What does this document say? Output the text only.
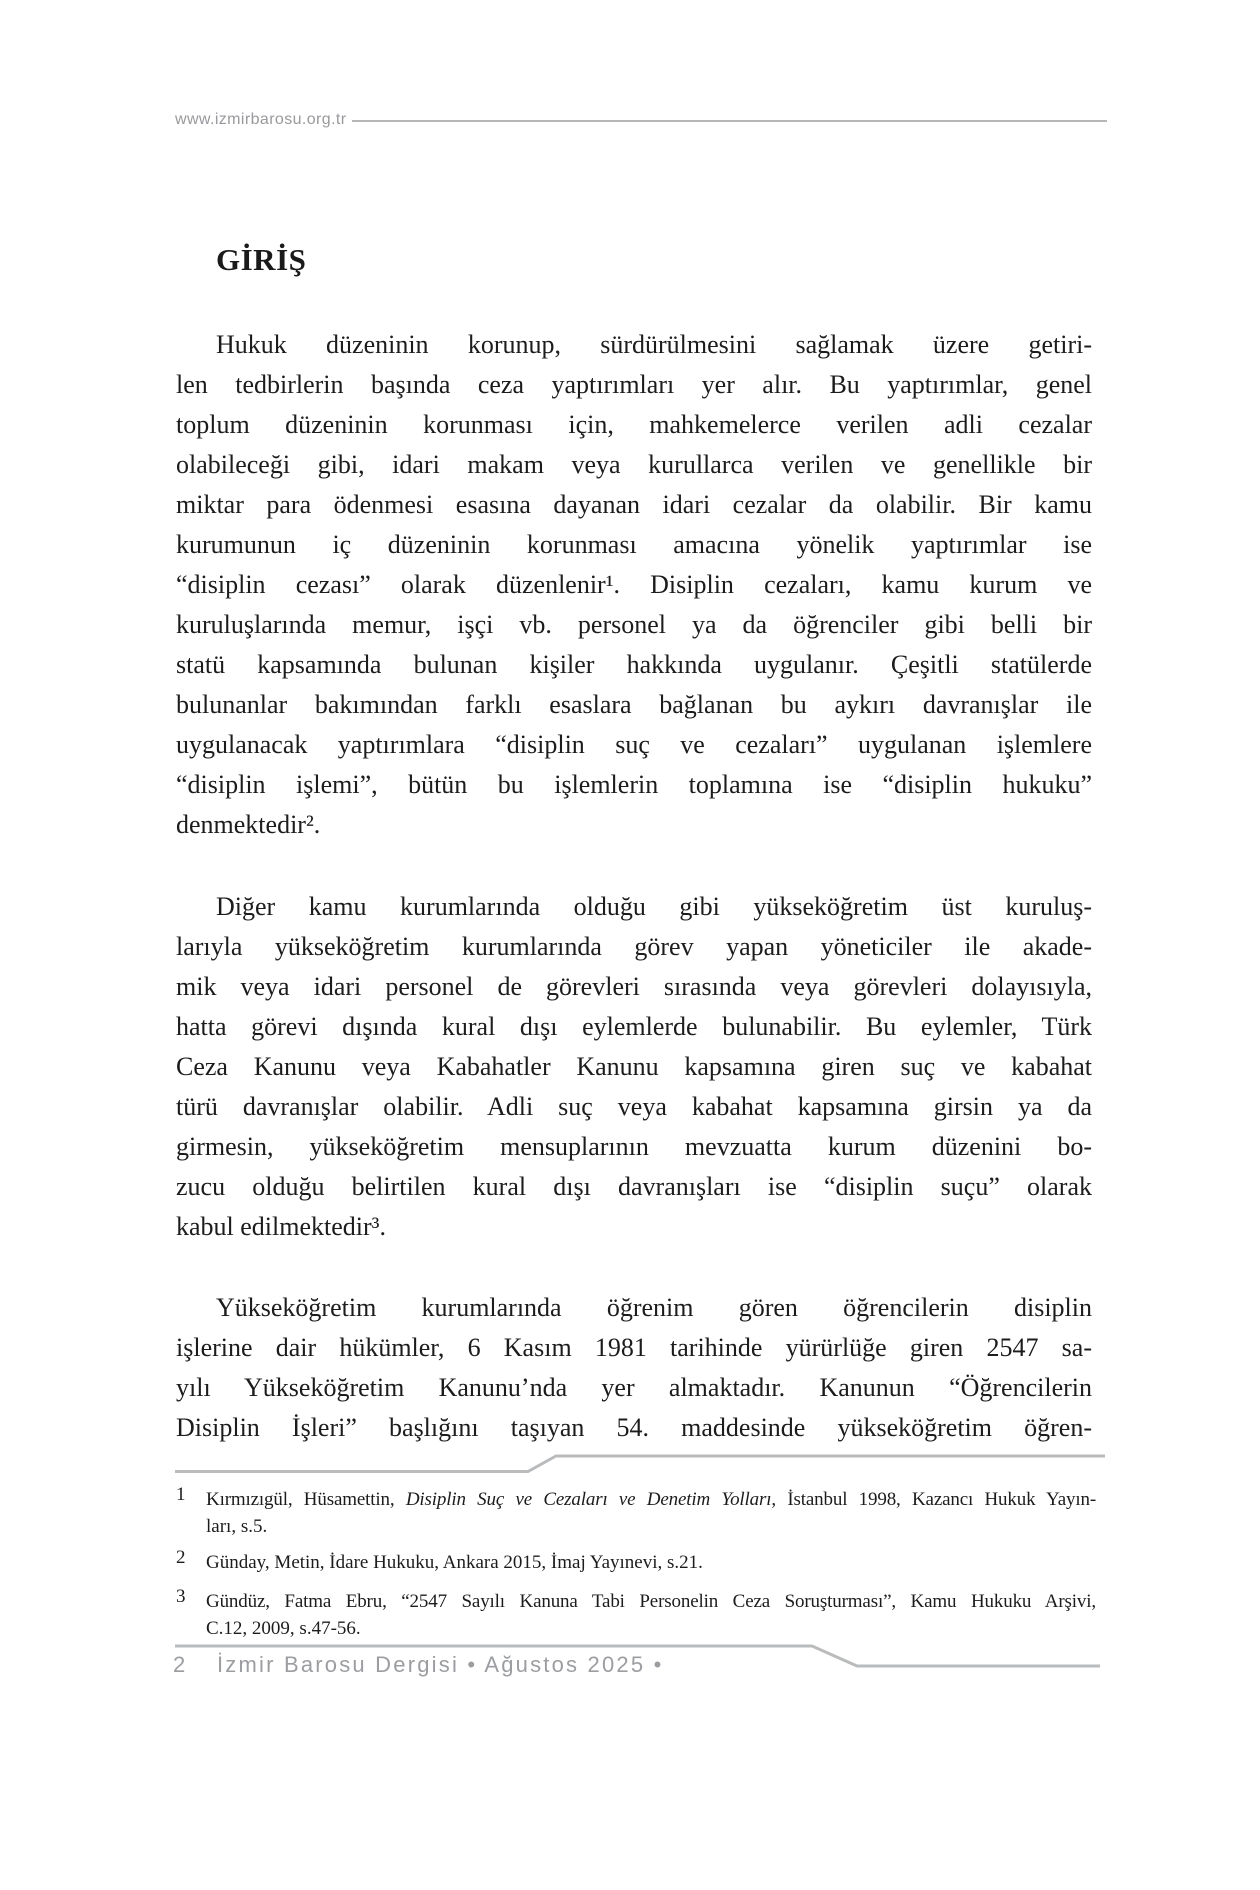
www.izmirbarosu.org.tr
GİRİŞ
Hukuk düzeninin korunup, sürdürülmesini sağlamak üzere getiri-
len tedbirlerin başında ceza yaptırımları yer alır. Bu yaptırımlar, genel
toplum düzeninin korunması için, mahkemelerce verilen adli cezalar
olabileceği gibi, idari makam veya kurullarca verilen ve genellikle bir
miktar para ödenmesi esasına dayanan idari cezalar da olabilir. Bir kamu
kurumunun iç düzeninin korunması amacına yönelik yaptırımlar ise
“disiplin cezası” olarak düzenlenir¹. Disiplin cezaları, kamu kurum ve
kuruluşlarında memur, işçi vb. personel ya da öğrenciler gibi belli bir
statü kapsamında bulunan kişiler hakkında uygulanır. Çeşitli statülerde
bulunanlar bakımından farklı esaslara bağlanan bu aykırı davranışlar ile
uygulanacak yaptırımlara “disiplin suç ve cezaları” uygulanan işlemlere
“disiplin işlemi”, bütün bu işlemlerin toplamına ise “disiplin hukuku”
denmektedir².
Diğer kamu kurumlarında olduğu gibi yükseköğretim üst kuruluş-
larıyla yükseköğretim kurumlarında görev yapan yöneticiler ile akade-
mik veya idari personel de görevleri sırasında veya görevleri dolayısıyla,
hatta görevi dışında kural dışı eylemlerde bulunabilir. Bu eylemler, Türk
Ceza Kanunu veya Kabahatler Kanunu kapsamına giren suç ve kabahat
türü davranışlar olabilir. Adli suç veya kabahat kapsamına girsin ya da
girmesin, yükseköğretim mensuplarının mevzuatta kurum düzenini bo-
zucu olduğu belirtilen kural dışı davranışları ise “disiplin suçu” olarak
kabul edilmektedir³.
Yükseköğretim kurumlarında öğrenim gören öğrencilerin disiplin
işlerine dair hükümler, 6 Kasım 1981 tarihinde yürürlüğe giren 2547 sa-
yılı Yükseköğretim Kanunu’nda yer almaktadır. Kanunun “Öğrencilerin
Disiplin İşleri” başlığını taşıyan 54. maddesinde yükseköğretim öğren-
1 Kırmızıgül, Hüsamettin, Disiplin Suç ve Cezaları ve Denetim Yolları, İstanbul 1998, Kazancı Hukuk Yayın-
ları, s.5.
2 Günday, Metin, İdare Hukuku, Ankara 2015, İmaj Yayınevi, s.21.
3 Gündüz, Fatma Ebru, “2547 Sayılı Kanuna Tabi Personelin Ceza Soruşturması”, Kamu Hukuku Arşivi,
C.12, 2009, s.47-56.
2 İzmir Barosu Dergisi • Ağustos 2025 •
